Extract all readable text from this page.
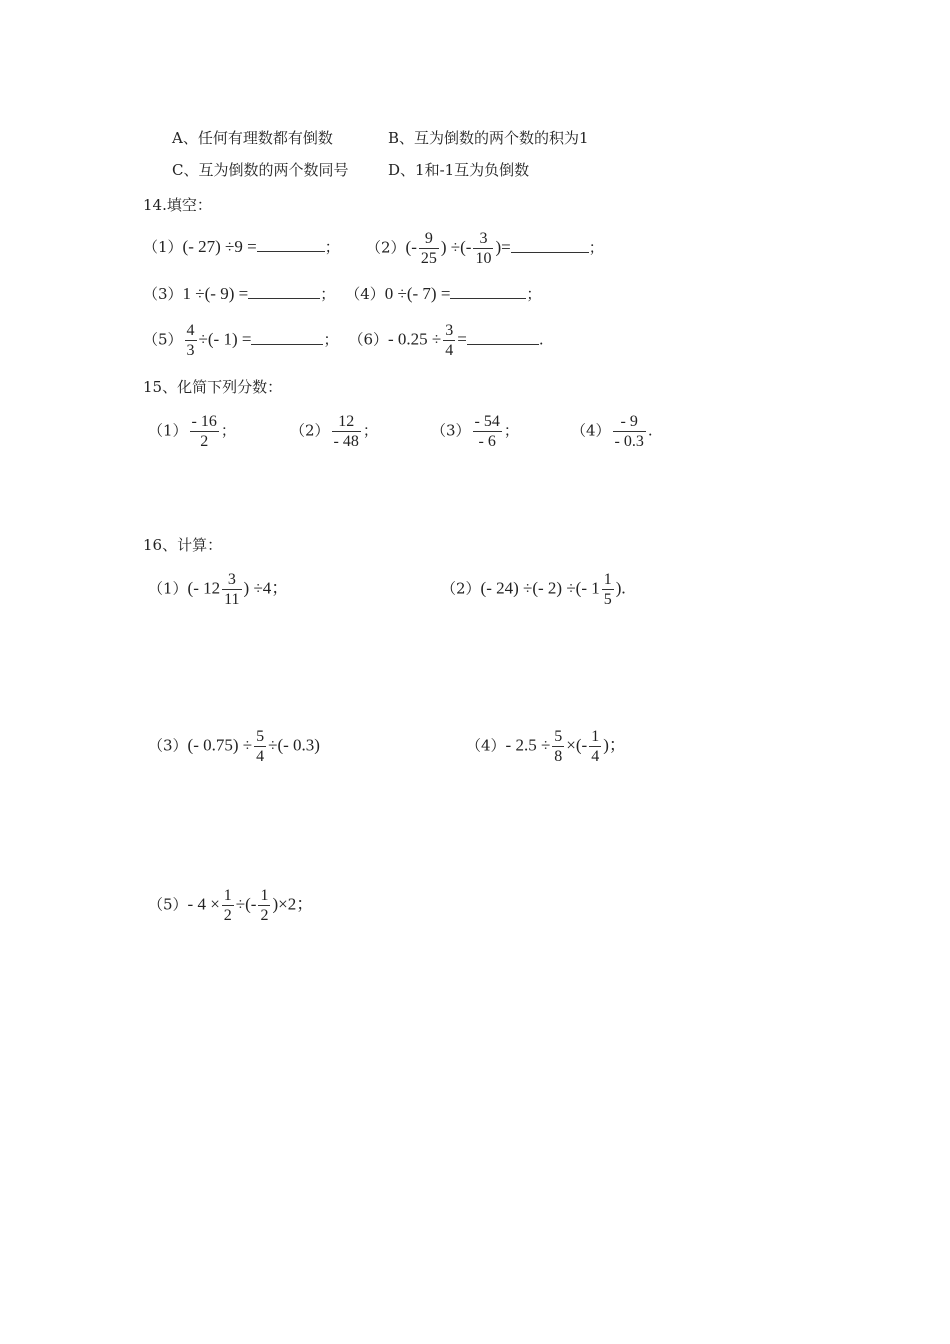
A、任何有理数都有倒数	B、互为倒数的两个数的积为1
C、互为倒数的两个数同号	D、1和-1互为负倒数
14.填空：
（1）(- 27) ÷9 =	； $(2)(- \frac{9}{25}$ ) ÷(- $\frac{3}{10}$ )=	；
（3）1 ÷(- 9) =	； （4）0 ÷(- 7) =	；
$(5) \frac{4}{3}$ ÷(- 1) =	； （6）- $0.25 \div \frac{3}{4}$ =	.
15、化简下列分数：
$(1) \frac{- 16}{2}$ ；	$(2) \frac{12}{- 48}$ ；	$(3) \frac{- 54}{- 6}$ ；	$(4) \frac{- 9}{- 0.3}$ .
16、计算：
（1）(- $12 \frac{3}{11}$ ) ÷4；	（2）(- 24) ÷(- 2) ÷(- $1 \frac{1}{5}$ ).
（3）(- $0.75) \div \frac{5}{4}$ ÷(- 0.3)	（4）- $2.5 \div \frac{5}{8}$ ×(- $\frac{1}{4}$ )；
（5）- $4 \times \frac{1}{2}$ ÷(- $\frac{1}{2} )\times 2$；
